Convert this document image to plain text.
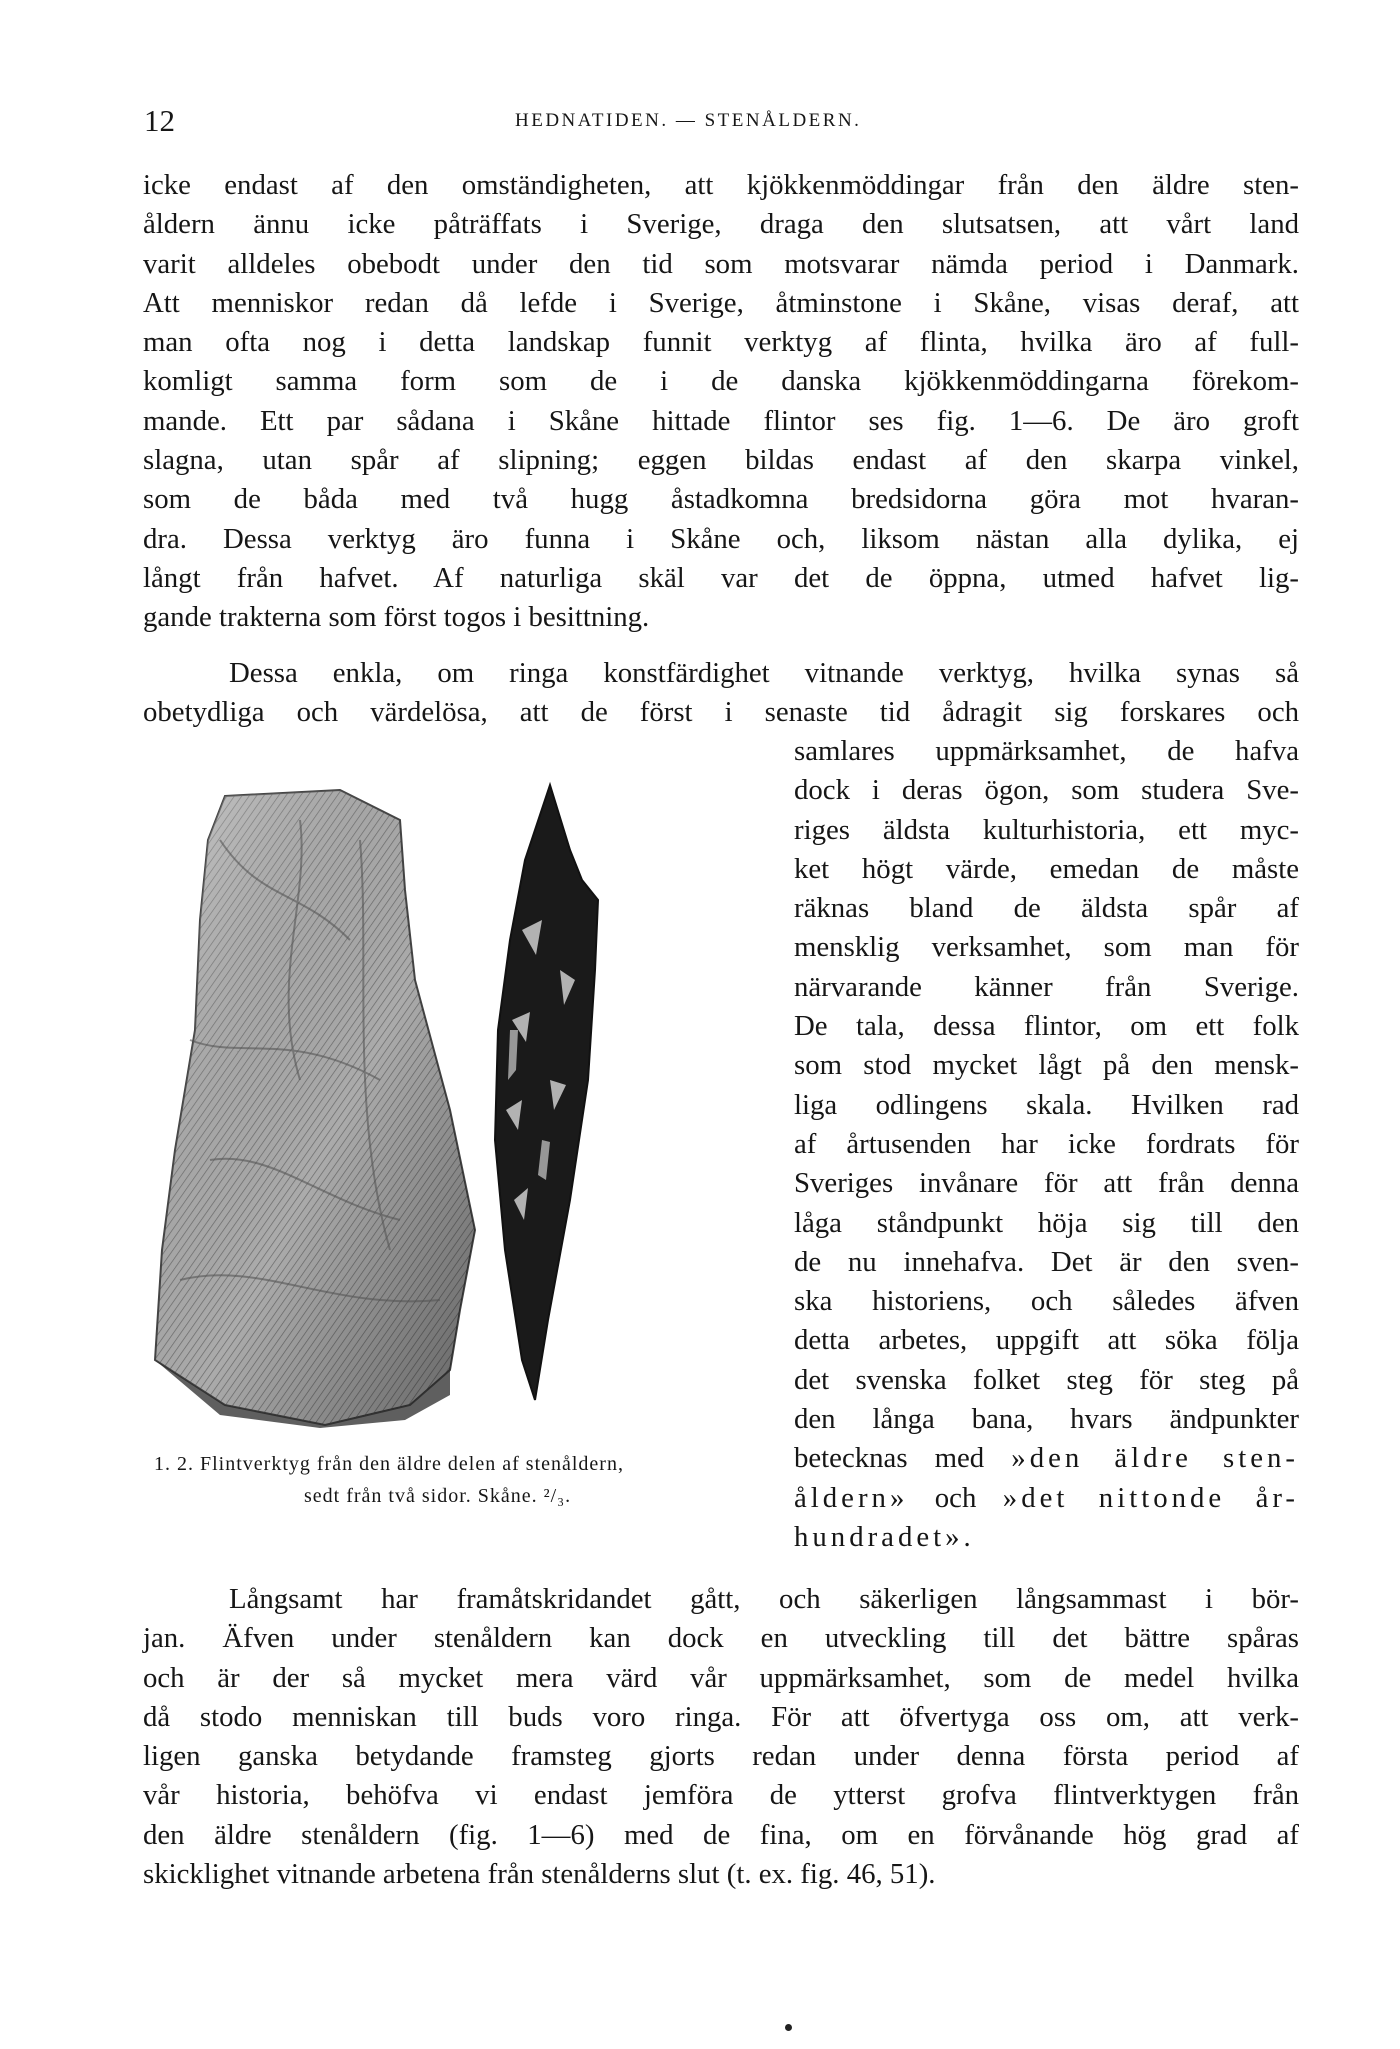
12	HEDNATIDEN. — STENÅLDERN.

icke endast af den omständigheten, att kjökkenmöddingar från den äldre sten-
åldern ännu icke påträffats i Sverige, draga den slutsatsen, att vårt land
varit alldeles obebodt under den tid som motsvarar nämda period i Danmark.
Att menniskor redan då lefde i Sverige, åtminstone i Skåne, visas deraf, att
man ofta nog i detta landskap funnit verktyg af flinta, hvilka äro af full-
komligt samma form som de i de danska kjökkenmöddingarna förekom-
mande. Ett par sådana i Skåne hittade flintor ses fig. 1—6. De äro groft
slagna, utan spår af slipning; eggen bildas endast af den skarpa vinkel,
som de båda med två hugg åstadkomna bredsidorna göra mot hvaran-
dra. Dessa verktyg äro funna i Skåne och, liksom nästan alla dylika, ej
långt från hafvet. Af naturliga skäl var det de öppna, utmed hafvet lig-
gande trakterna som först togos i besittning.

Dessa enkla, om ringa konstfärdighet vitnande verktyg, hvilka synas så
obetydliga och värdelösa, att de först i senaste tid ådragit sig forskares och

samlares uppmärksamhet, de hafva
dock i deras ögon, som studera Sve-
riges äldsta kulturhistoria, ett myc-
ket högt värde, emedan de måste
räknas bland de äldsta spår af
mensklig verksamhet, som man för
närvarande känner från Sverige.
De tala, dessa flintor, om ett folk
som stod mycket lågt på den mensk-
liga odlingens skala. Hvilken rad
af årtusenden har icke fordrats för
Sveriges invånare för att från denna
låga ståndpunkt höja sig till den
de nu innehafva. Det är den sven-
ska historiens, och således äfven
detta arbetes, uppgift att söka följa
det svenska folket steg för steg på
den långa bana, hvars ändpunkter
betecknas med »den äldre sten-
åldern» och »det nittonde år-
hundradet».

1. 2. Flintverktyg från den äldre delen af stenåldern,
sedt från två sidor. Skåne. ²/₃.

Långsamt har framåtskridandet gått, och säkerligen långsammast i bör-
jan. Äfven under stenåldern kan dock en utveckling till det bättre spåras
och är der så mycket mera värd vår uppmärksamhet, som de medel hvilka
då stodo menniskan till buds voro ringa. För att öfvertyga oss om, att verk-
ligen ganska betydande framsteg gjorts redan under denna första period af
vår historia, behöfva vi endast jemföra de ytterst grofva flintverktygen från
den äldre stenåldern (fig. 1—6) med de fina, om en förvånande hög grad af
skicklighet vitnande arbetena från stenålderns slut (t. ex. fig. 46, 51).
